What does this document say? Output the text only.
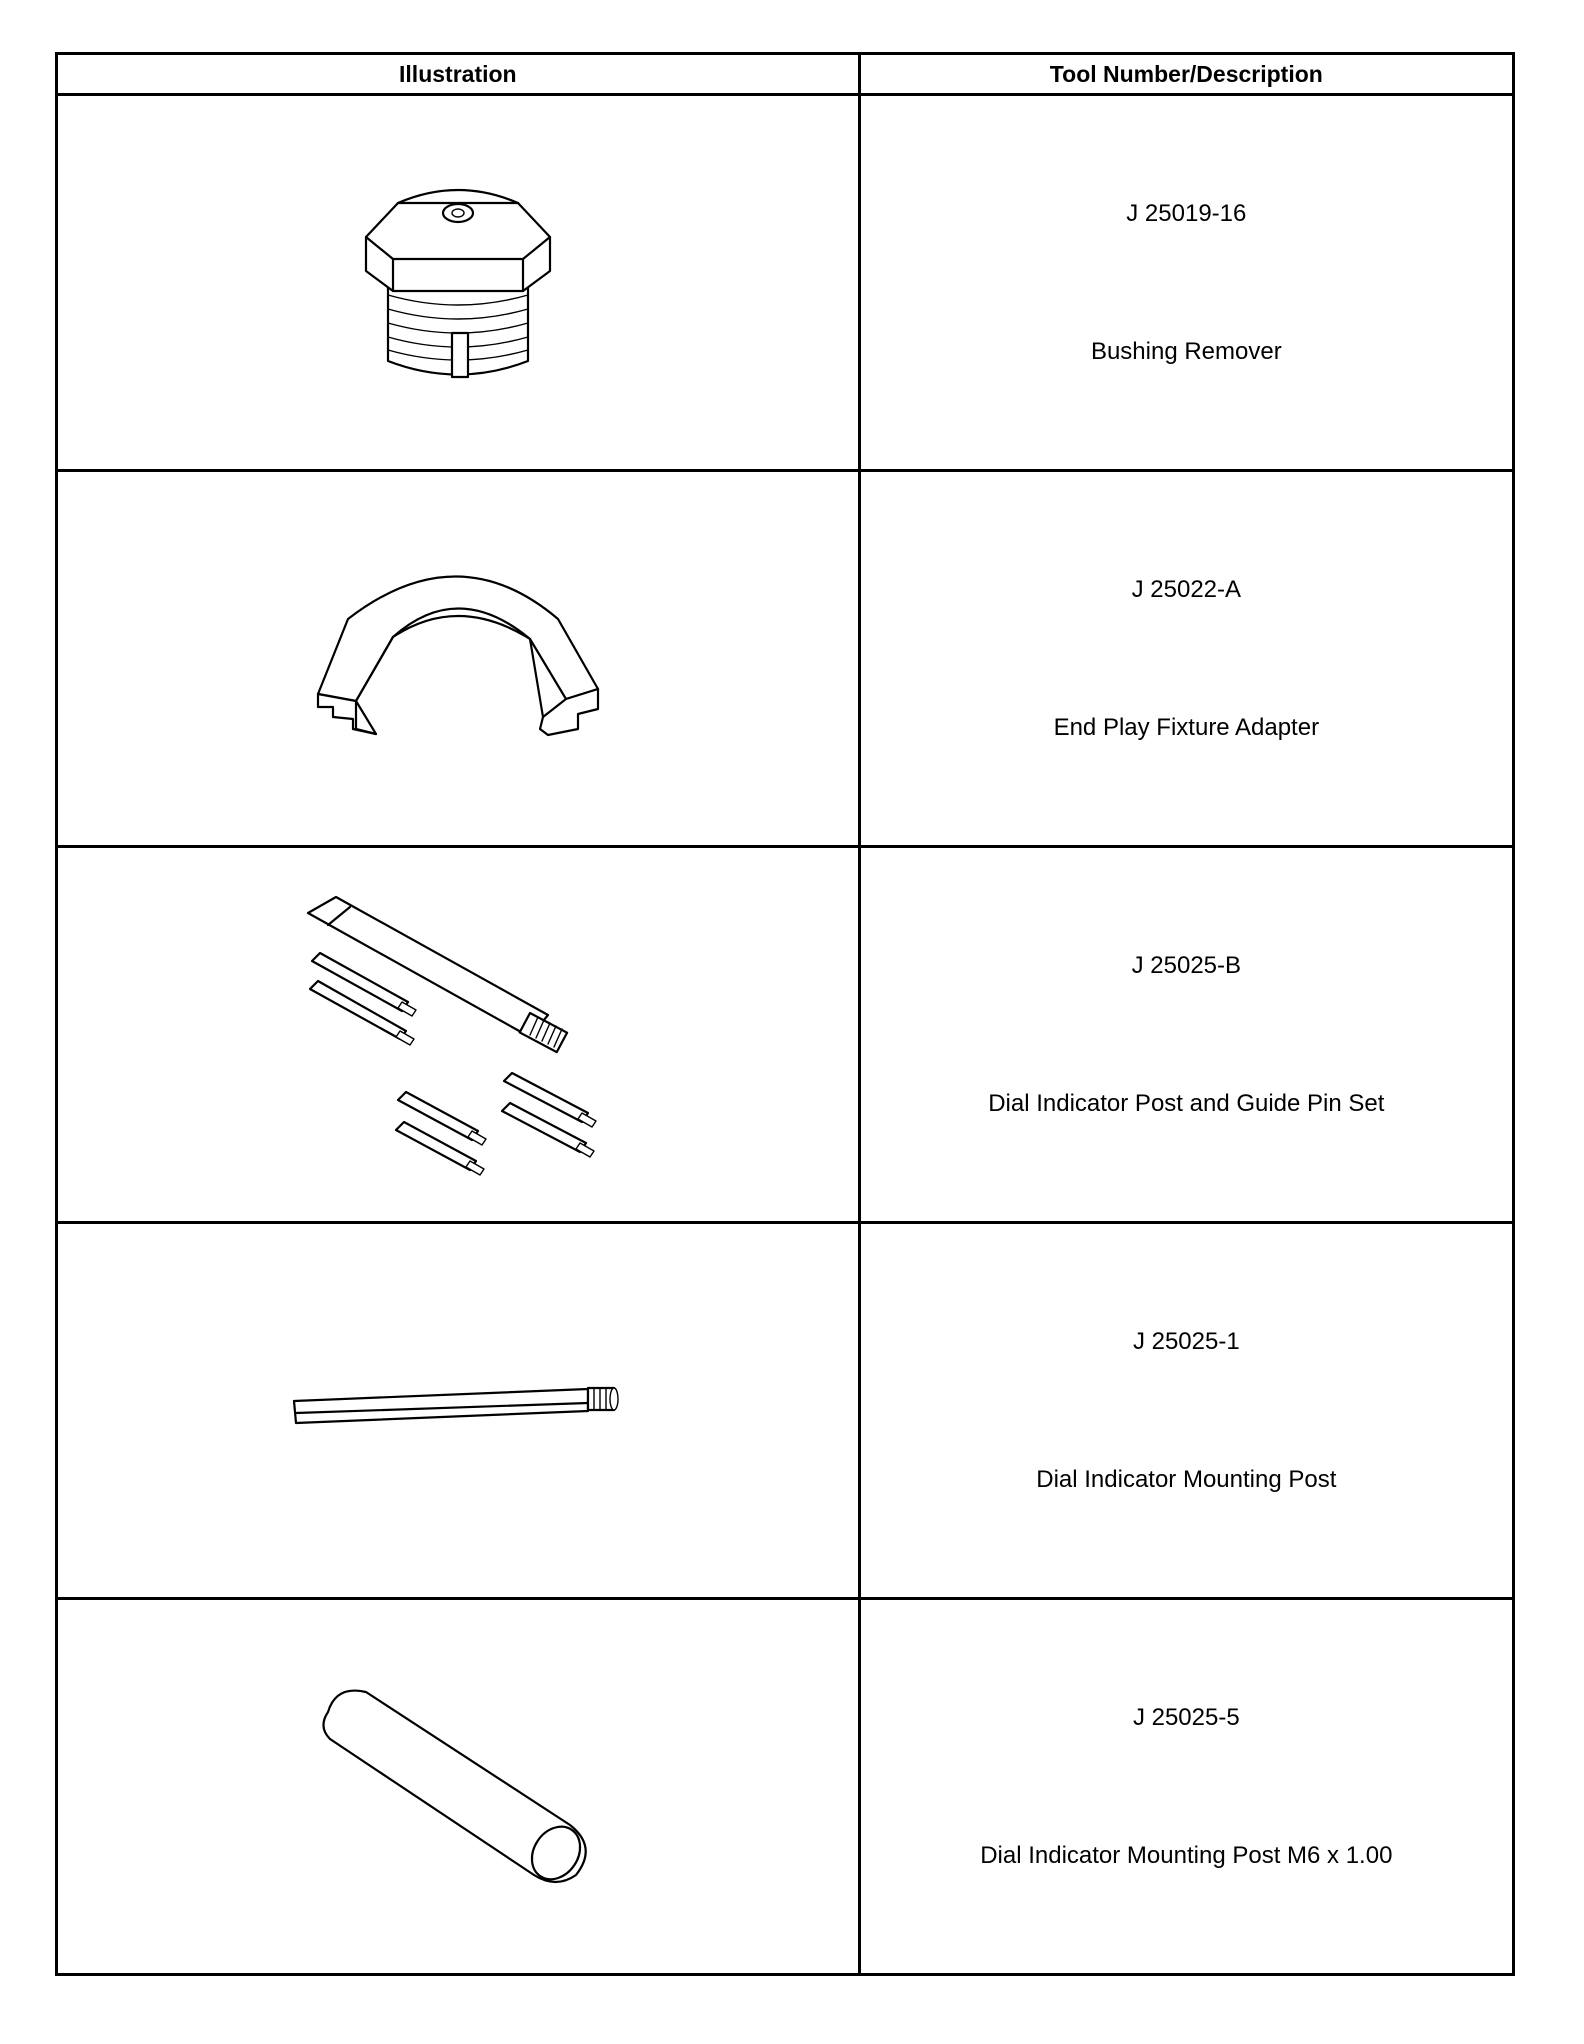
Illustration	Tool Number/Description

J 25019-16
Bushing Remover

J 25022-A
End Play Fixture Adapter

J 25025-B
Dial Indicator Post and Guide Pin Set

J 25025-1
Dial Indicator Mounting Post

J 25025-5
Dial Indicator Mounting Post M6 x 1.00
